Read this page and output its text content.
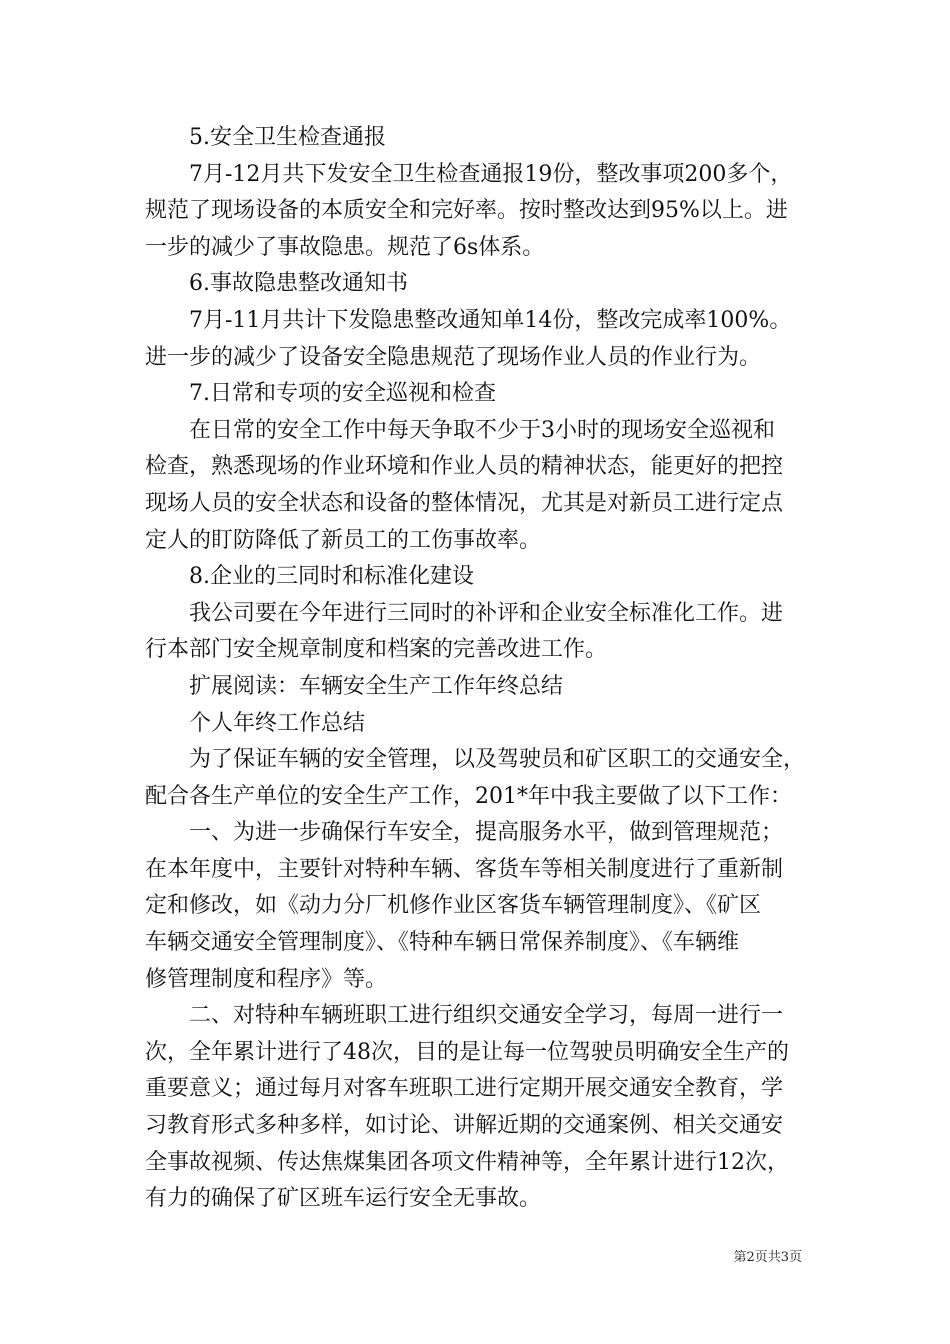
　　5.安全卫生检查通报
　　7月-12月共下发安全卫生检查通报19份，整改事项200多个，
规范了现场设备的本质安全和完好率。按时整改达到95%以上。进
一步的减少了事故隐患。规范了6s体系。
　　6.事故隐患整改通知书
　　7月-11月共计下发隐患整改通知单14份，整改完成率100%。
进一步的减少了设备安全隐患规范了现场作业人员的作业行为。
　　7.日常和专项的安全巡视和检查
　　在日常的安全工作中每天争取不少于3小时的现场安全巡视和
检查，熟悉现场的作业环境和作业人员的精神状态，能更好的把控
现场人员的安全状态和设备的整体情况，尤其是对新员工进行定点
定人的盯防降低了新员工的工伤事故率。
　　8.企业的三同时和标准化建设
　　我公司要在今年进行三同时的补评和企业安全标准化工作。进
行本部门安全规章制度和档案的完善改进工作。
　　扩展阅读：车辆安全生产工作年终总结
　　个人年终工作总结
　　为了保证车辆的安全管理，以及驾驶员和矿区职工的交通安全，
配合各生产单位的安全生产工作，201*年中我主要做了以下工作：
　　一、为进一步确保行车安全，提高服务水平，做到管理规范；
在本年度中，主要针对特种车辆、客货车等相关制度进行了重新制
定和修改，如《动力分厂机修作业区客货车辆管理制度》、《矿区
车辆交通安全管理制度》、《特种车辆日常保养制度》、《车辆维
修管理制度和程序》等。
　　二、对特种车辆班职工进行组织交通安全学习，每周一进行一
次，全年累计进行了48次，目的是让每一位驾驶员明确安全生产的
重要意义；通过每月对客车班职工进行定期开展交通安全教育，学
习教育形式多种多样，如讨论、讲解近期的交通案例、相关交通安
全事故视频、传达焦煤集团各项文件精神等，全年累计进行12次，
有力的确保了矿区班车运行安全无事故。
第2页共3页
